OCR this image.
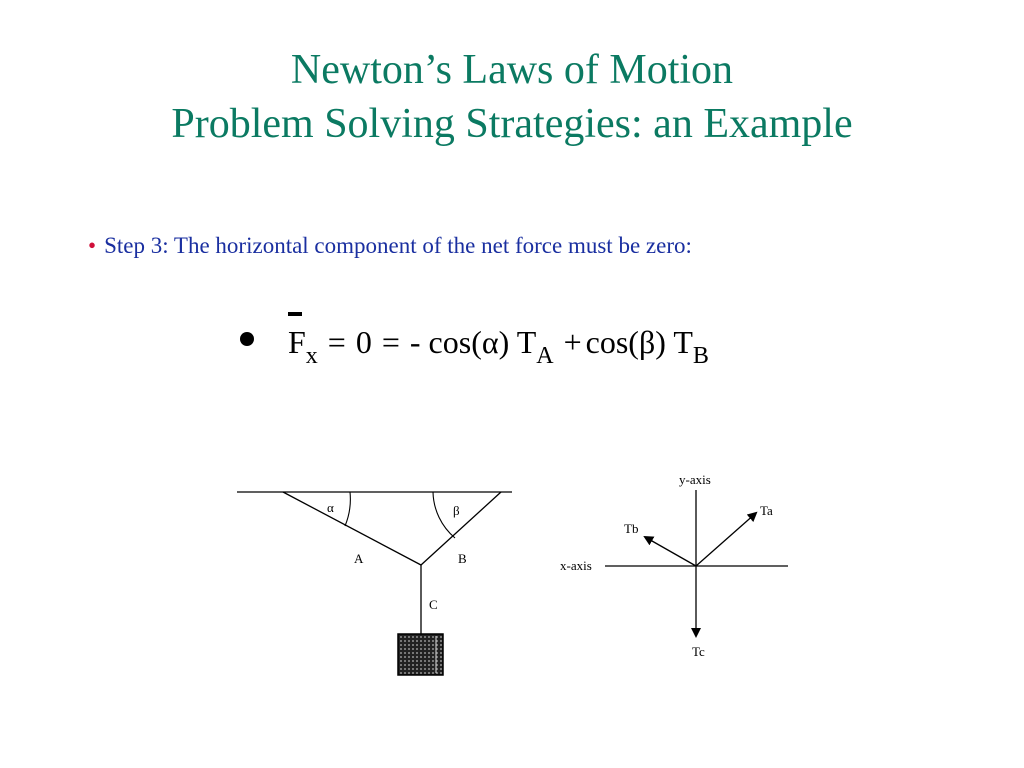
Newton’s Laws of Motion
Problem Solving Strategies: an Example
• Step 3: The horizontal component of the net force must be zero:
$F_x = 0$ = - cos(α) $T_A + \cos(\beta)$ $T_B$
α	β
A	B
C
y-axis
x-axis
Ta
Tb
Tc
